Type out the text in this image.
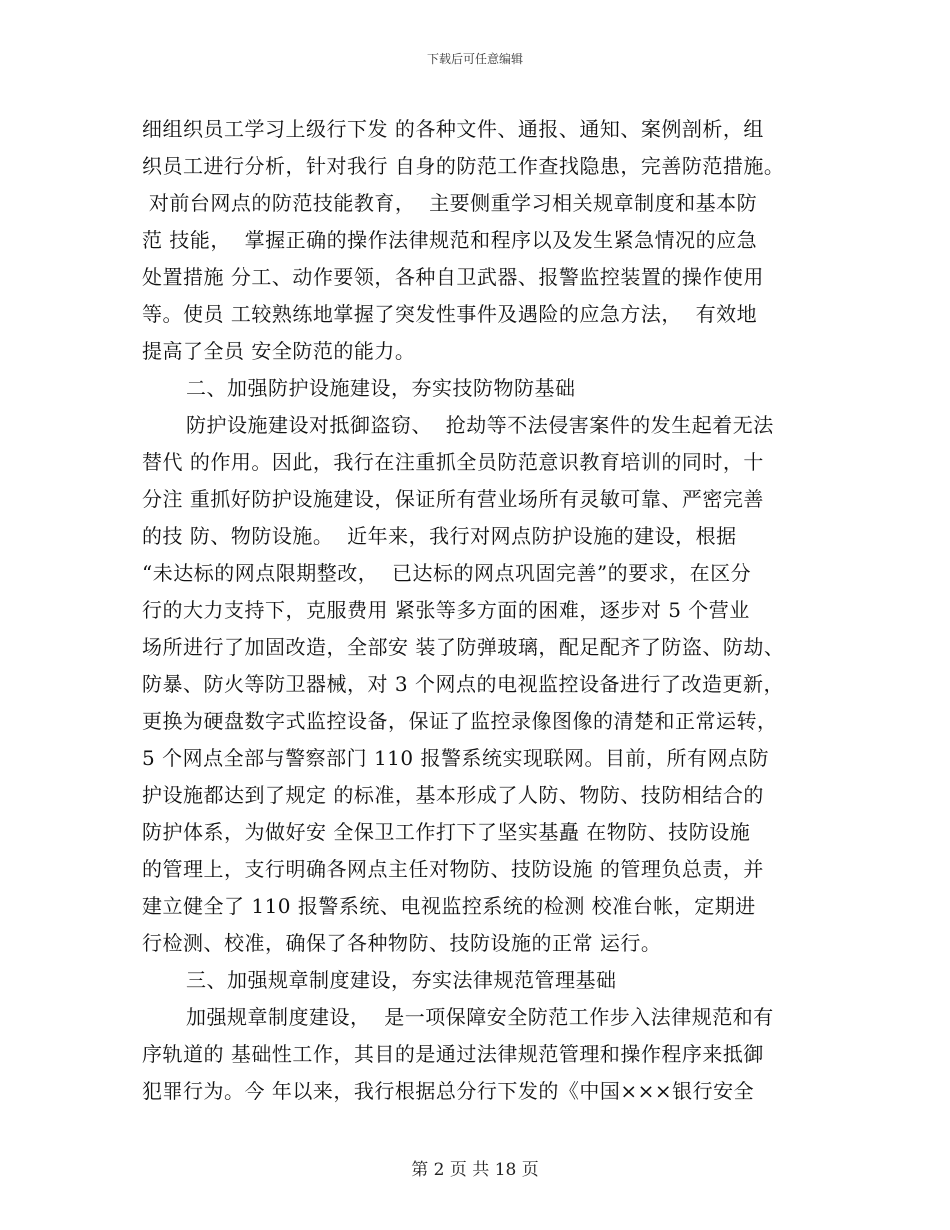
下载后可任意编辑
细组织员工学习上级行下发 的各种文件、通报、通知、案例剖析，组
织员工进行分析，针对我行 自身的防范工作查找隐患，完善防范措施。
对前台网点的防范技能教育，  主要侧重学习相关规章制度和基本防
范 技能，  掌握正确的操作法律规范和程序以及发生紧急情况的应急
处置措施 分工、动作要领，各种自卫武器、报警监控装置的操作使用
等。使员 工较熟练地掌握了突发性事件及遇险的应急方法，  有效地
提高了全员 安全防范的能力。
二、加强防护设施建设，夯实技防物防基础
防护设施建设对抵御盗窃、  抢劫等不法侵害案件的发生起着无法
替代 的作用。因此，我行在注重抓全员防范意识教育培训的同时，十
分注 重抓好防护设施建设，保证所有营业场所有灵敏可靠、严密完善
的技 防、物防设施。  近年来，我行对网点防护设施的建设，根据
“未达标的网点限期整改，  已达标的网点巩固完善”的要求，在区分
行的大力支持下，克服费用 紧张等多方面的困难，逐步对 5 个营业
场所进行了加固改造，全部安 装了防弹玻璃，配足配齐了防盗、防劫、
防暴、防火等防卫器械，对 3 个网点的电视监控设备进行了改造更新，
更换为硬盘数字式监控设备，保证了监控录像图像的清楚和正常运转，
5 个网点全部与警察部门 110 报警系统实现联网。目前，所有网点防
护设施都达到了规定 的标准，基本形成了人防、物防、技防相结合的
防护体系，为做好安 全保卫工作打下了坚实基矗 在物防、技防设施
的管理上，支行明确各网点主任对物防、技防设施 的管理负总责，并
建立健全了 110 报警系统、电视监控系统的检测 校准台帐，定期进
行检测、校准，确保了各种物防、技防设施的正常 运行。
三、加强规章制度建设，夯实法律规范管理基础
加强规章制度建设，  是一项保障安全防范工作步入法律规范和有
序轨道的 基础性工作，其目的是通过法律规范管理和操作程序来抵御
犯罪行为。今 年以来，我行根据总分行下发的《中国×××银行安全
第 2 页 共 18 页
